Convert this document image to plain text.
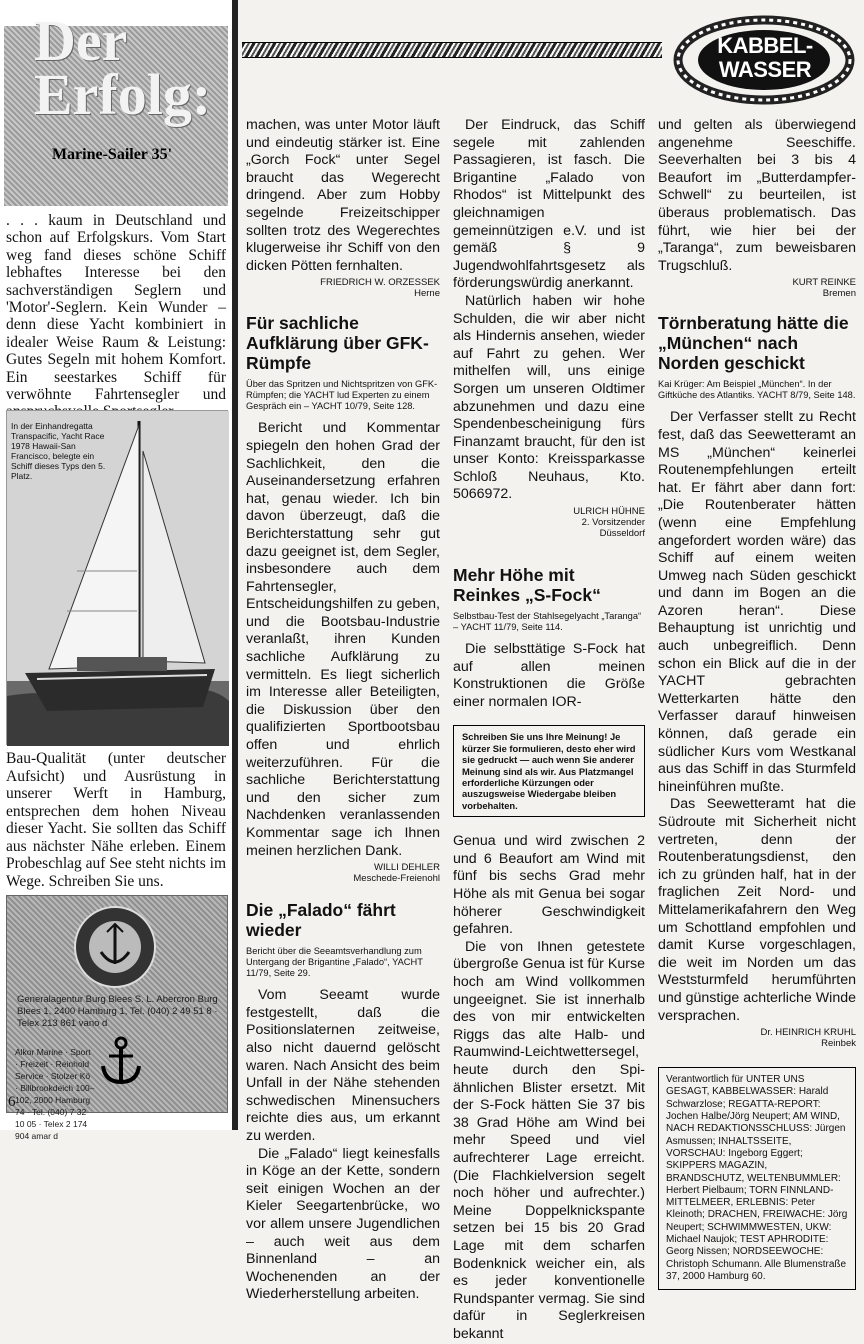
Der Erfolg:
Marine-Sailer 35'
. . . kaum in Deutschland und schon auf Erfolgskurs. Vom Start weg fand dieses schöne Schiff lebhaftes Interesse bei den sachverständigen Seglern und 'Motor'-Seglern. Kein Wunder – denn diese Yacht kombiniert in idealer Weise Raum & Leistung: Gutes Segeln mit hohem Komfort. Ein seestarkes Schiff für verwöhnte Fahrtensegler und
In der Einhandregatta Transpacific, Yacht Race 1978 Hawaii-San Francisco, belegte ein Schiff dieses Typs den 5. Platz.
Bau-Qualität (unter deutscher Aufsicht) und Ausrüstung in unserer Werft in Hamburg, entsprechen dem hohen Niveau dieser Yacht. Sie sollten das Schiff aus nächster Nähe erleben. Einem Probeschlag auf See steht nichts im Wege. Schreiben Sie uns.
Generalagentur Burg Blees S. L. Abercron Burg Blees 1, 2400 Hamburg 1, Tel. (040) 2 49 51 8 · Telex 213 861 vano d
Alkor Marine · Sport · Freizeit · Reinhold Service · Stolzer Kö · Billbrookdeich 100–102, 2000 Hamburg 74 · Tel. (040) 7 32 10 05 · Telex 2 174 904 amar d
KABBEL-
WASSER

machen, was unter Motor läuft und eindeutig stärker ist. Eine „Gorch Fock“ unter Segel braucht das Wegerecht dringend. Aber zum Hobby segelnde Freizeitschipper sollten trotz des Wegerechtes klugerweise ihr Schiff von den dicken Pötten fernhalten.

FRIEDRICH W. ORZESSEK
Herne
Für sachliche Aufklärung über GFK-Rümpfe
Über das Spritzen und Nichtspritzen von GFK-Rümpfen; die YACHT lud Experten zu einem Gespräch ein – YACHT 10/79, Seite 128.

Bericht und Kommentar spiegeln den hohen Grad der Sachlichkeit, den die Auseinandersetzung erfahren hat, genau wieder. Ich bin davon überzeugt, daß die Berichterstattung sehr gut dazu geeignet ist, dem Segler, insbesondere auch dem Fahrtensegler, Entscheidungshilfen zu geben, und die Bootsbau-Industrie veranlaßt, ihren Kunden sachliche Aufklärung zu vermitteln. Es liegt sicherlich im Interesse aller Beteiligten, die Diskussion über den qualifizierten Sportbootsbau offen und ehrlich weiterzuführen. Für die sachliche Berichterstattung und den sicher zum Nachdenken veranlassenden Kommentar sage ich Ihnen meinen herzlichen Dank.

WILLI DEHLER
Meschede-Freienohl
Die „Falado“ fährt wieder
Bericht über die Seeamtsverhandlung zum Untergang der Brigantine „Falado“, YACHT 11/79, Seite 29.

Vom Seeamt wurde festgestellt, daß die Positionslaternen zeitweise, also nicht dauernd gelöscht waren. Nach Ansicht des beim Unfall in der Nähe stehenden schwedischen Minensuchers reichte dies aus, um erkannt zu werden.

Die „Falado“ liegt keinesfalls in Köge an der Kette, sondern seit einigen Wochen an der Kieler Seegartenbrücke, wo vor allem unsere Jugendlichen – auch weit aus dem Binnenland – an Wochenenden an der Wiederherstellung arbeiten.

Der Eindruck, das Schiff segele mit zahlenden Passagieren, ist fasch. Die Brigantine „Falado von Rhodos“ ist Mittelpunkt des gleichnamigen gemeinnützigen e.V. und ist gemäß § 9 Jugendwohlfahrtsgesetz als förderungswürdig anerkannt.

Natürlich haben wir hohe Schulden, die wir aber nicht als Hindernis ansehen, wieder auf Fahrt zu gehen. Wer mithelfen will, uns einige Sorgen um unseren Oldtimer abzunehmen und dazu eine Spendenbescheinigung fürs Finanzamt braucht, für den ist unser Konto: Kreissparkasse Schloß Neuhaus, Kto. 5066972.

ULRICH HÜHNE
2. Vorsitzender
Düsseldorf
Mehr Höhe mit Reinkes „S-Fock“
Selbstbau-Test der Stahlsegelyacht „Taranga“ – YACHT 11/79, Seite 114.

Die selbsttätige S-Fock hat auf allen meinen Konstruktionen die Größe einer normalen IOR-

Schreiben Sie uns Ihre Meinung! Je kürzer Sie formulieren, desto eher wird sie gedruckt — auch wenn Sie anderer Meinung sind als wir. Aus Platzmangel erforderliche Kürzungen oder auszugsweise Wiedergabe bleiben vorbehalten.

Genua und wird zwischen 2 und 6 Beaufort am Wind mit fünf bis sechs Grad mehr Höhe als mit Genua bei sogar höherer Geschwindigkeit gefahren.

Die von Ihnen getestete übergroße Genua ist für Kurse hoch am Wind vollkommen ungeeignet. Sie ist innerhalb des von mir entwickelten Riggs das alte Halb- und Raumwind-Leichtwettersegel, heute durch den Spi-ähnlichen Blister ersetzt. Mit der S-Fock hätten Sie 37 bis 38 Grad Höhe am Wind bei mehr Speed und viel aufrechterer Lage erreicht. (Die Flachkielversion segelt noch höher und aufrechter.) Meine Doppelknickspante setzen bei 15 bis 20 Grad Lage mit dem scharfen Bodenknick weicher ein, als es jeder konventionelle Rundspanter vermag. Sie sind dafür in Seglerkreisen bekannt

und gelten als überwiegend angenehme Seeschiffe. Seeverhalten bei 3 bis 4 Beaufort im „Butterdampfer-Schwell“ zu beurteilen, ist überaus problematisch. Das führt, wie hier bei der „Taranga“, zum beweisbaren Trugschluß.

KURT REINKE
Bremen
Törnberatung hätte die „München“ nach Norden geschickt
Kai Krüger: Am Beispiel „München“. In der Giftküche des Atlantiks. YACHT 8/79, Seite 148.

Der Verfasser stellt zu Recht fest, daß das Seewetteramt an MS „München“ keinerlei Routenempfehlungen erteilt hat. Er fährt aber dann fort: „Die Routenberater hätten (wenn eine Empfehlung angefordert worden wäre) das Schiff auf einem weiten Umweg nach Süden geschickt und dann im Bogen an die Azoren heran“. Diese Behauptung ist unrichtig und auch unbegreiflich. Denn schon ein Blick auf die in der YACHT gebrachten Wetterkarten hätte den Verfasser darauf hinweisen können, daß gerade ein südlicher Kurs vom Westkanal aus das Schiff in das Sturmfeld hineinführen mußte.

Das Seewetteramt hat die Südroute mit Sicherheit nicht vertreten, denn der Routenberatungsdienst, den ich zu gründen half, hat in der fraglichen Zeit Nord- und Mittelamerikafahrern den Weg um Schottland empfohlen und damit Kurse vorgeschlagen, die weit im Norden um das Weststurmfeld herumführten und günstige achterliche Winde versprachen.

Dr. HEINRICH KRUHL
Reinbek
Verantwortlich für UNTER UNS GESAGT, KABBELWASSER: Harald Schwarzlose; REGATTA-REPORT: Jochen Halbe/Jörg Neupert; AM WIND, NACH REDAKTIONSSCHLUSS: Jürgen Asmussen; INHALTSSEITE, VORSCHAU: Ingeborg Eggert; SKIPPERS MAGAZIN, BRANDSCHUTZ, WELTENBUMMLER: Herbert Pielbaum; TORN FINNLAND-MITTELMEER, ERLEBNIS: Peter Kleinoth; DRACHEN, FREIWACHE: Jörg Neupert; SCHWIMMWESTEN, UKW: Michael Naujok; TEST APHRODITE: Georg Nissen; NORDSEEWOCHE: Christoph Schumann. Alle Blumenstraße 37, 2000 Hamburg 60.
6
